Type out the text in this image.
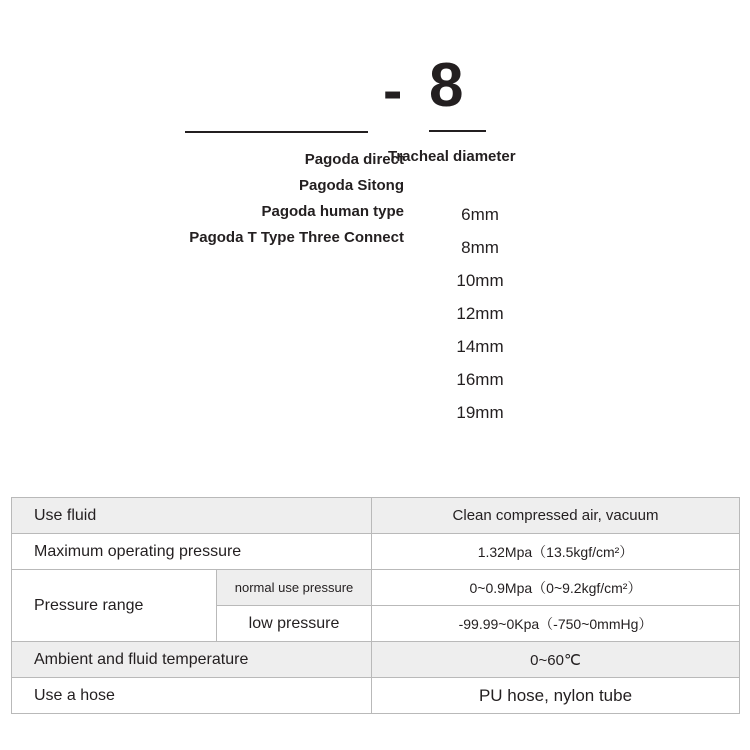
- 8
Pagoda direct
Pagoda Sitong
Pagoda human type
Pagoda T Type Three Connect
Tracheal diameter
6mm
8mm
10mm
12mm
14mm
16mm
19mm
Use fluid		Clean compressed air, vacuum
Maximum operating pressure		1.32Mpa（13.5kgf/cm²）
Pressure range	normal use pressure	0~0.9Mpa（0~9.2kgf/cm²）
	low pressure	-99.99~0Kpa（-750~0mmHg）
Ambient and fluid temperature		0~60℃
Use a hose		PU hose, nylon tube
